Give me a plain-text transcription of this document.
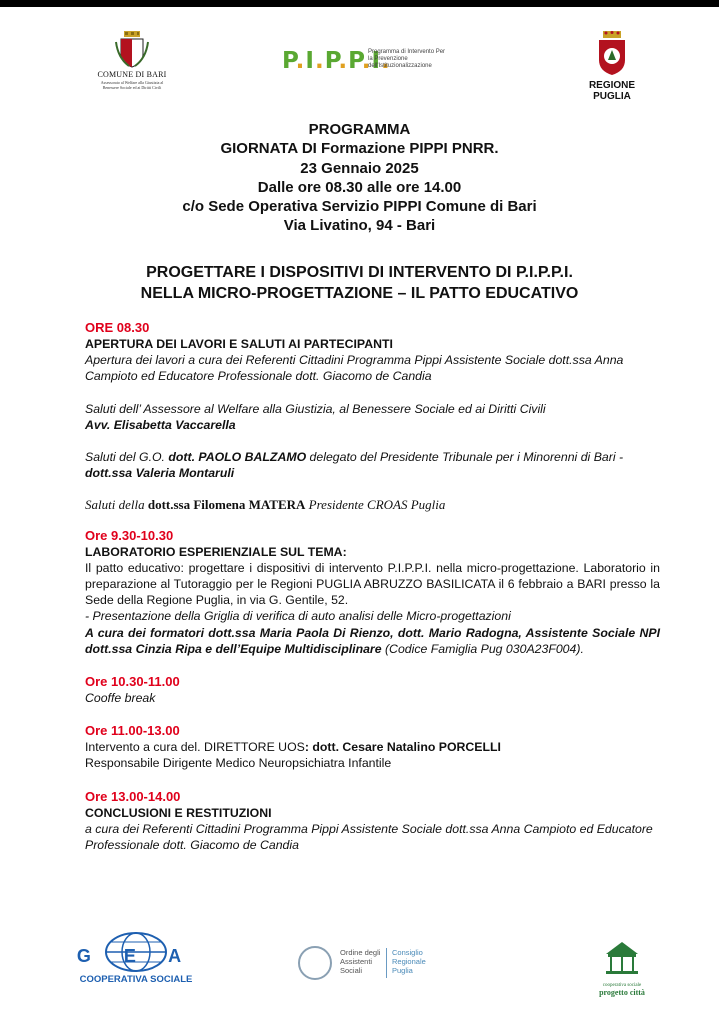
COMUNE DI BARI
Assessorato al Welfare alla Giustizia al Benessere Sociale ed ai Diritti Civili
P.I.P.P.I.
Programma di Intervento Per la Prevenzione dell'Istituzionalizzazione
REGIONE PUGLIA
PROGRAMMA
GIORNATA DI Formazione PIPPI PNRR.
23 Gennaio 2025
Dalle ore 08.30 alle ore 14.00
c/o Sede Operativa Servizio PIPPI Comune di Bari
Via Livatino, 94 - Bari
PROGETTARE I DISPOSITIVI DI INTERVENTO DI P.I.P.P.I.
NELLA MICRO-PROGETTAZIONE – IL PATTO EDUCATIVO
ORE 08.30
APERTURA DEI LAVORI E SALUTI AI PARTECIPANTI
Apertura dei lavori a cura dei Referenti Cittadini Programma Pippi Assistente Sociale dott.ssa Anna Campioto ed Educatore Professionale dott. Giacomo de Candia
Saluti dell’ Assessore al Welfare alla Giustizia, al Benessere Sociale ed ai Diritti Civili
Avv. Elisabetta Vaccarella
Saluti del G.O. dott. PAOLO BALZAMO delegato del Presidente Tribunale per i Minorenni di Bari - dott.ssa Valeria Montaruli
Saluti della dott.ssa Filomena MATERA Presidente CROAS Puglia
Ore 9.30-10.30
LABORATORIO ESPERIENZIALE SUL TEMA:
Il patto educativo: progettare i dispositivi di intervento P.I.P.P.I. nella micro-progettazione. Laboratorio in preparazione al Tutoraggio per le Regioni PUGLIA ABRUZZO BASILICATA il 6 febbraio a BARI presso la Sede della Regione Puglia, in via G. Gentile, 52.
- Presentazione della Griglia di verifica di auto analisi delle Micro-progettazioni
A cura dei formatori dott.ssa Maria Paola Di Rienzo, dott. Mario Radogna, Assistente Sociale NPI dott.ssa Cinzia Ripa e dell’Equipe Multidisciplinare (Codice Famiglia Pug 030A23F004).
Ore 10.30-11.00
Cooffe break
Ore 11.00-13.00
Intervento a cura del. DIRETTORE UOS: dott. Cesare Natalino PORCELLI
Responsabile Dirigente Medico Neuropsichiatra Infantile
Ore 13.00-14.00
CONCLUSIONI E RESTITUZIONI
a cura dei Referenti Cittadini Programma Pippi Assistente Sociale dott.ssa Anna Campioto ed Educatore Professionale dott. Giacomo de Candia
G E A
COOPERATIVA SOCIALE
Ordine degli Assistenti Sociali
Consiglio Regionale Puglia
cooperativa sociale
progetto città
